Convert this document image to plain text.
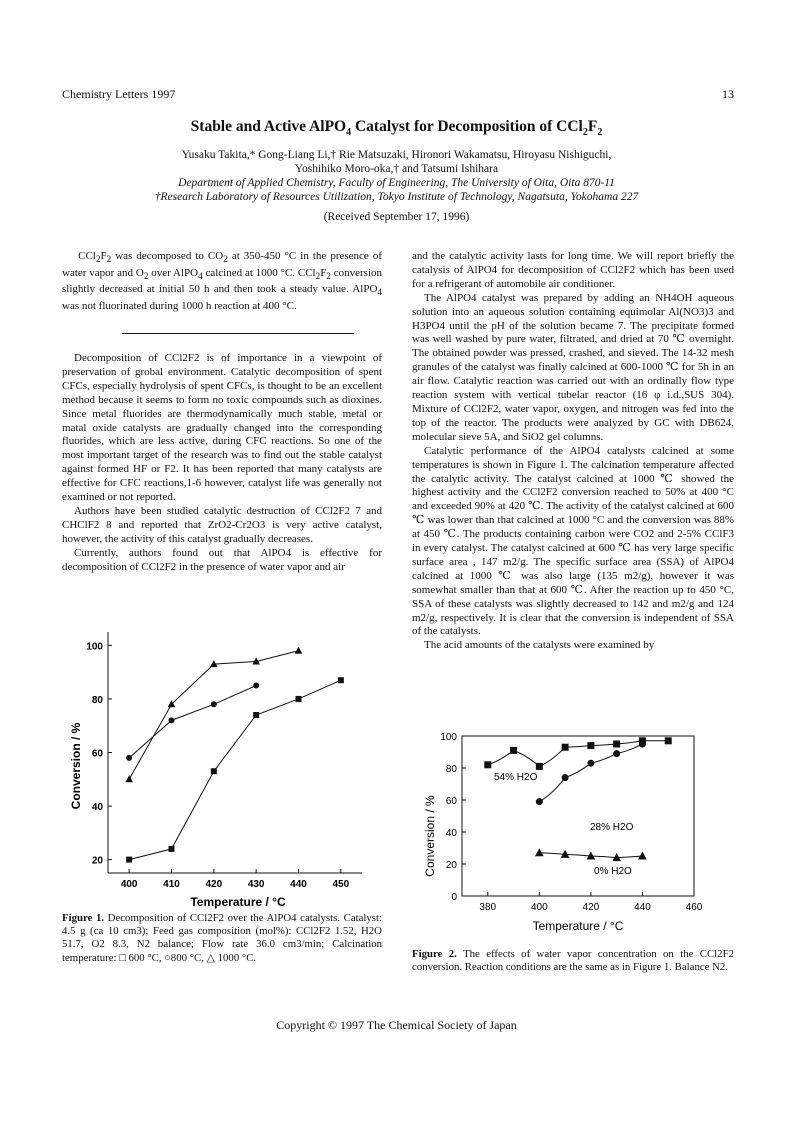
Chemistry Letters 1997	13
Stable and Active AlPO$_4$ Catalyst for Decomposition of $CCl_2F_2$
Yusaku Takita,* Gong-Liang Li,† Rie Matsuzaki, Hironori Wakamatsu, Hiroyasu Nishiguchi,
Yoshihiko Moro-oka,† and Tatsumi Ishihara
Department of Applied Chemistry, Faculty of Engineering, The University of Oita, Oita 870-11
†Research Laboratory of Resources Utilization, Tokyo Institute of Technology, Nagatsuta, Yokohama 227
(Received September 17, 1996)
$CCl_2F_2$ was decomposed to $CO_2$ at 350-450 °C in the presence of water vapor and $O_2$ over AlPO$_4$ calcined at 1000 °C. $CCl_2F_2$ conversion slightly decreased at initial 50 h and then took a steady value. AlPO$_4$ was not fluorinated during 1000 h reaction at 400 °C.

Decomposition of CCl2F2 is of importance in a viewpoint of preservation of grobal environment. Catalytic decomposition of spent CFCs, especially hydrolysis of spent CFCs, is thought to be an excellent method because it seems to form no toxic compounds such as dioxines. Since metal fluorides are thermodynamically much stable, metal or matal oxide catalysts are gradually changed into the corresponding fluorides, which are less active, during CFC reactions. So one of the most important target of the research was to find out the stable catalyst against formed HF or F2. It has been reported that many catalysts are effective for CFC reactions,1-6 however, catalyst life was generally not examined or not reported.

Authors have been studied catalytic destruction of CCl2F2 7 and CHClF2 8 and reported that ZrO2-Cr2O3 is very active catalyst, however, the activity of this catalyst gradually decreases.

Currently, authors found out that AlPO4 is effective for decomposition of CCl2F2 in the presence of water vapor and air

and the catalytic activity lasts for long time. We will report briefly the catalysis of AlPO4 for decomposition of CCl2F2 which has been used for a refrigerant of automobile air conditioner.

The AlPO4 catalyst was prepared by adding an NH4OH aqueous solution into an aqueous solution containing equimolar Al(NO3)3 and H3PO4 until the pH of the solution became 7. The precipitate formed was well washed by pure water, filtrated, and dried at 70 ℃ overnight. The obtained powder was pressed, crashed, and sieved. The 14-32 mesh granules of the catalyst was finally calcined at 600-1000 ℃ for 5h in an air flow. Catalytic reaction was carried out with an ordinally flow type reaction system with vertical tubelar reactor (16 φ i.d.,SUS 304). Mixture of CCl2F2, water vapor, oxygen, and nitrogen was fed into the top of the reactor. The products were analyzed by GC with DB624, molecular sieve 5A, and SiO2 gel columns.

Catalytic performance of the AlPO4 catalysts calcined at some temperatures is shown in Figure 1. The calcination temperature affected the catalytic activity. The catalyst calcined at 1000 ℃ showed the highest activity and the CCl2F2 conversion reached to 50% at 400 °C and exceeded 90% at 420 ℃. The activity of the catalyst calcined at 600 ℃ was lower than that calcined at 1000 °C and the conversion was 88% at 450 ℃. The products containing carbon were CO2 and 2-5% CClF3 in every catalyst. The catalyst calcined at 600 ℃ has very large specific surface area , 147 m2/g. The specific surface area (SSA) of AlPO4 calcined at 1000 ℃ was also large (135 m2/g), however it was somewhat smaller than that at 600 ℃. After the reaction up to 450 °C, SSA of these catalysts was slightly decreased to 142 and m2/g and 124 m2/g, respectively. It is clear that the conversion is independent of SSA of the catalysts.

The acid amounts of the catalysts were examined by

400	410	420	430	440	450
20
40
60
80
100
Conversion / %
Temperature / °C
Figure 1. Decomposition of CCl2F2 over the AlPO4 catalysts. Catalyst: 4.5 g (ca 10 cm3); Feed gas composition (mol%): CCl2F2 1.52, H2O 51.7, O2 8.3, N2 balance; Flow rate 36.0 cm3/min; Calcination temperature: □ 600 °C, ○800 °C, △ 1000 °C.
380	400	420	440	460
0
20
40
60
80
100
Conversion / %
Temperature / °C
54% H2O
28% H2O
0% H2O
Figure 2. The effects of water vapor concentration on the CCl2F2 conversion. Reaction conditions are the same as in Figure 1. Balance N2.
Copyright © 1997 The Chemical Society of Japan
